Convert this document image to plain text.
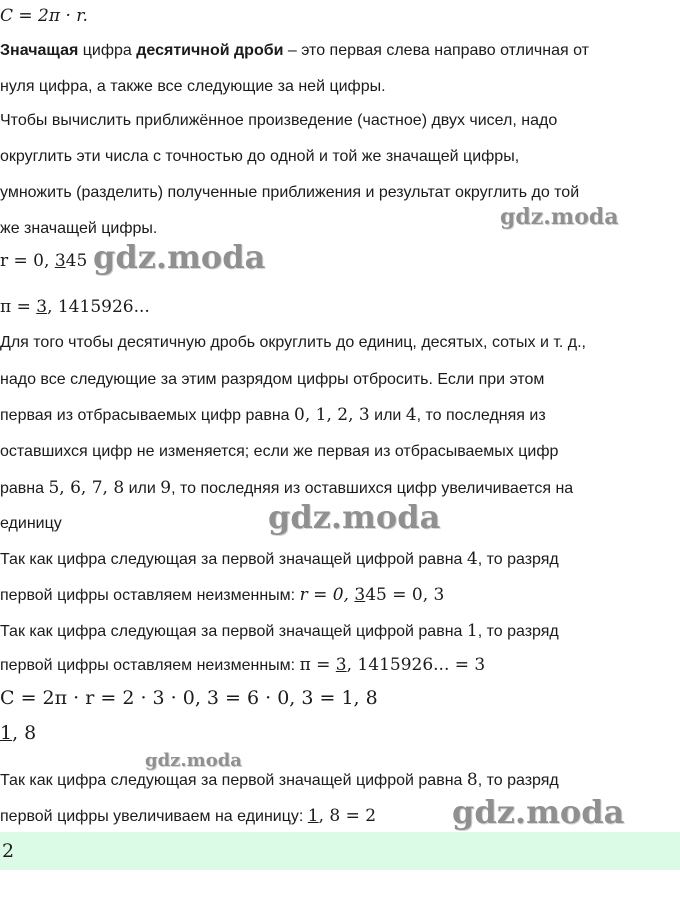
C = 2π · r.
Значащая цифра десятичной дроби – это первая слева направо отличная от
нуля цифра, а также все следующие за ней цифры.
Чтобы вычислить приближённое произведение (частное) двух чисел, надо
округлить эти числа с точностью до одной и той же значащей цифры,
умножить (разделить) полученные приближения и результат округлить до той
же значащей цифры.
r = 0, 345
π = 3, 1415926...
Для того чтобы десятичную дробь округлить до единиц, десятых, сотых и т. д.,
надо все следующие за этим разрядом цифры отбросить. Если при этом
первая из отбрасываемых цифр равна 0, 1, 2, 3 или 4, то последняя из
оставшихся цифр не изменяется; если же первая из отбрасываемых цифр
равна 5, 6, 7, 8 или 9, то последняя из оставшихся цифр увеличивается на
единицу
Так как цифра следующая за первой значащей цифрой равна 4, то разряд
первой цифры оставляем неизменным: r = 0, 345 = 0, 3
Так как цифра следующая за первой значащей цифрой равна 1, то разряд
первой цифры оставляем неизменным: π = 3, 1415926... = 3
C = 2π · r = 2 · 3 · 0, 3 = 6 · 0, 3 = 1, 8
1, 8
Так как цифра следующая за первой значащей цифрой равна 8, то разряд
первой цифры увеличиваем на единицу: 1, 8 = 2
2
gdz.moda
gdz.moda
gdz.moda
gdz.moda
gdz.moda
